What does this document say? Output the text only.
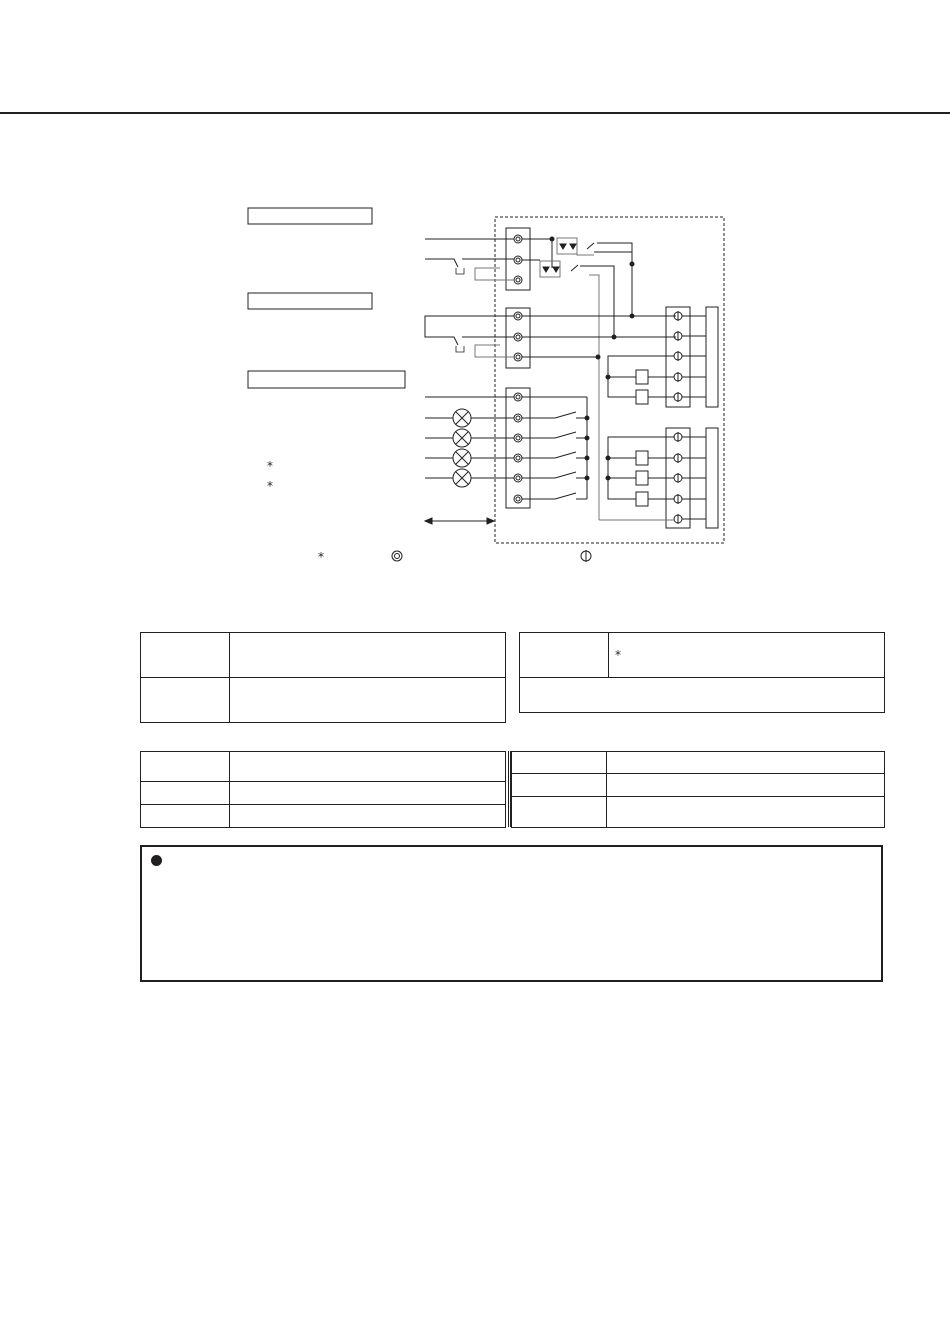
*
*
*

	*
